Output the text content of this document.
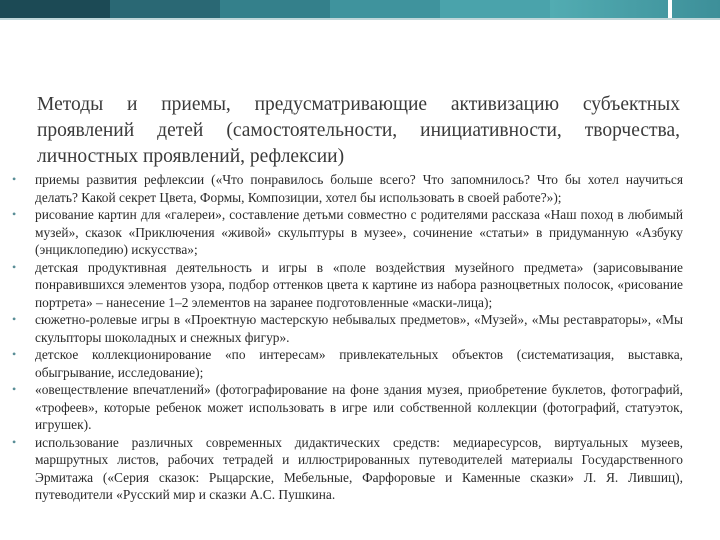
Методы и приемы, предусматривающие активизацию субъектных проявлений детей (самостоятельности, инициативности, творчества, личностных проявлений, рефлексии)
• приемы развития рефлексии («Что понравилось больше всего? Что запомнилось? Что бы хотел научиться делать? Какой секрет Цвета, Формы, Композиции, хотел бы использовать в своей работе?»);
• рисование картин для «галереи», составление детьми совместно с родителями рассказа «Наш поход в любимый музей», сказок «Приключения «живой» скульптуры в музее», сочинение «статьи» в придуманную «Азбуку (энциклопедию) искусства»;
• детская продуктивная деятельность и игры в «поле воздействия музейного предмета» (зарисовывание понравившихся элементов узора, подбор оттенков цвета к картине из набора разноцветных полосок, «рисование портрета» – нанесение 1–2 элементов на заранее подготовленные «маски-лица);
• сюжетно-ролевые игры в «Проектную мастерскую небывалых предметов», «Музей», «Мы реставраторы», «Мы скульпторы шоколадных и снежных фигур».
• детское коллекционирование «по интересам» привлекательных объектов (систематизация, выставка, обыгрывание, исследование);
• «овеществление впечатлений» (фотографирование на фоне здания музея, приобретение буклетов, фотографий, «трофеев», которые ребенок может использовать в игре или собственной коллекции (фотографий, статуэток, игрушек).
• использование различных современных дидактических средств: медиаресурсов, виртуальных музеев, маршрутных листов, рабочих тетрадей и иллюстрированных путеводителей материалы Государственного Эрмитажа («Серия сказок: Рыцарские, Мебельные, Фарфоровые и Каменные сказки» Л. Я. Лившиц), путеводители «Русский мир и сказки А.С. Пушкина.
